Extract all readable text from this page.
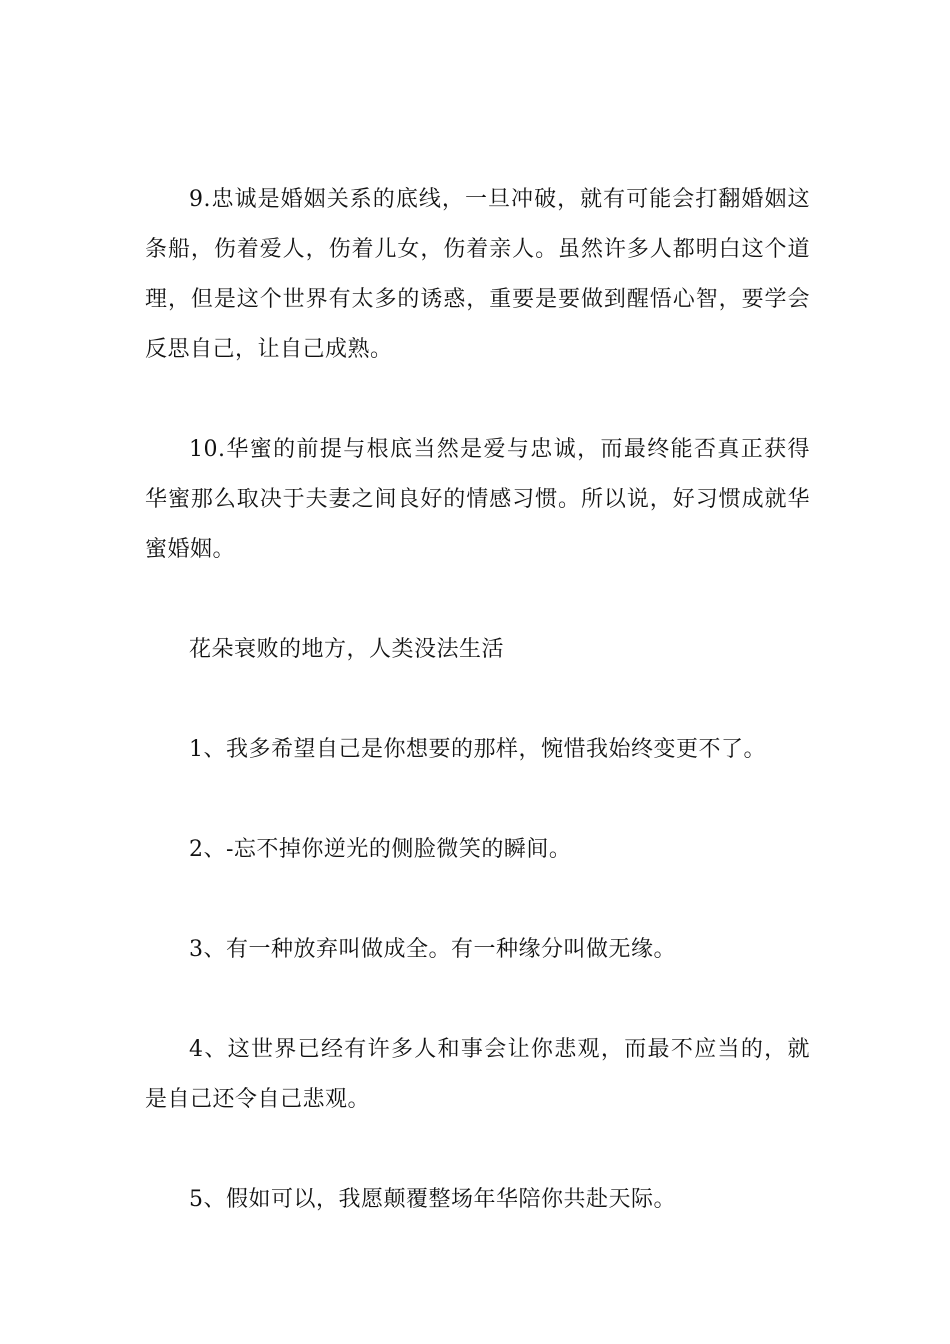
9.忠诚是婚姻关系的底线，一旦冲破，就有可能会打翻婚姻这条船，伤着爱人，伤着儿女，伤着亲人。虽然许多人都明白这个道理，但是这个世界有太多的诱惑，重要是要做到醒悟心智，要学会反思自己，让自己成熟。

10.华蜜的前提与根底当然是爱与忠诚，而最终能否真正获得华蜜那么取决于夫妻之间良好的情感习惯。所以说，好习惯成就华蜜婚姻。

花朵衰败的地方，人类没法生活

1、我多希望自己是你想要的那样，惋惜我始终变更不了。

2、-忘不掉你逆光的侧脸微笑的瞬间。

3、有一种放弃叫做成全。有一种缘分叫做无缘。

4、这世界已经有许多人和事会让你悲观，而最不应当的，就是自己还令自己悲观。

5、假如可以，我愿颠覆整场年华陪你共赴天际。
